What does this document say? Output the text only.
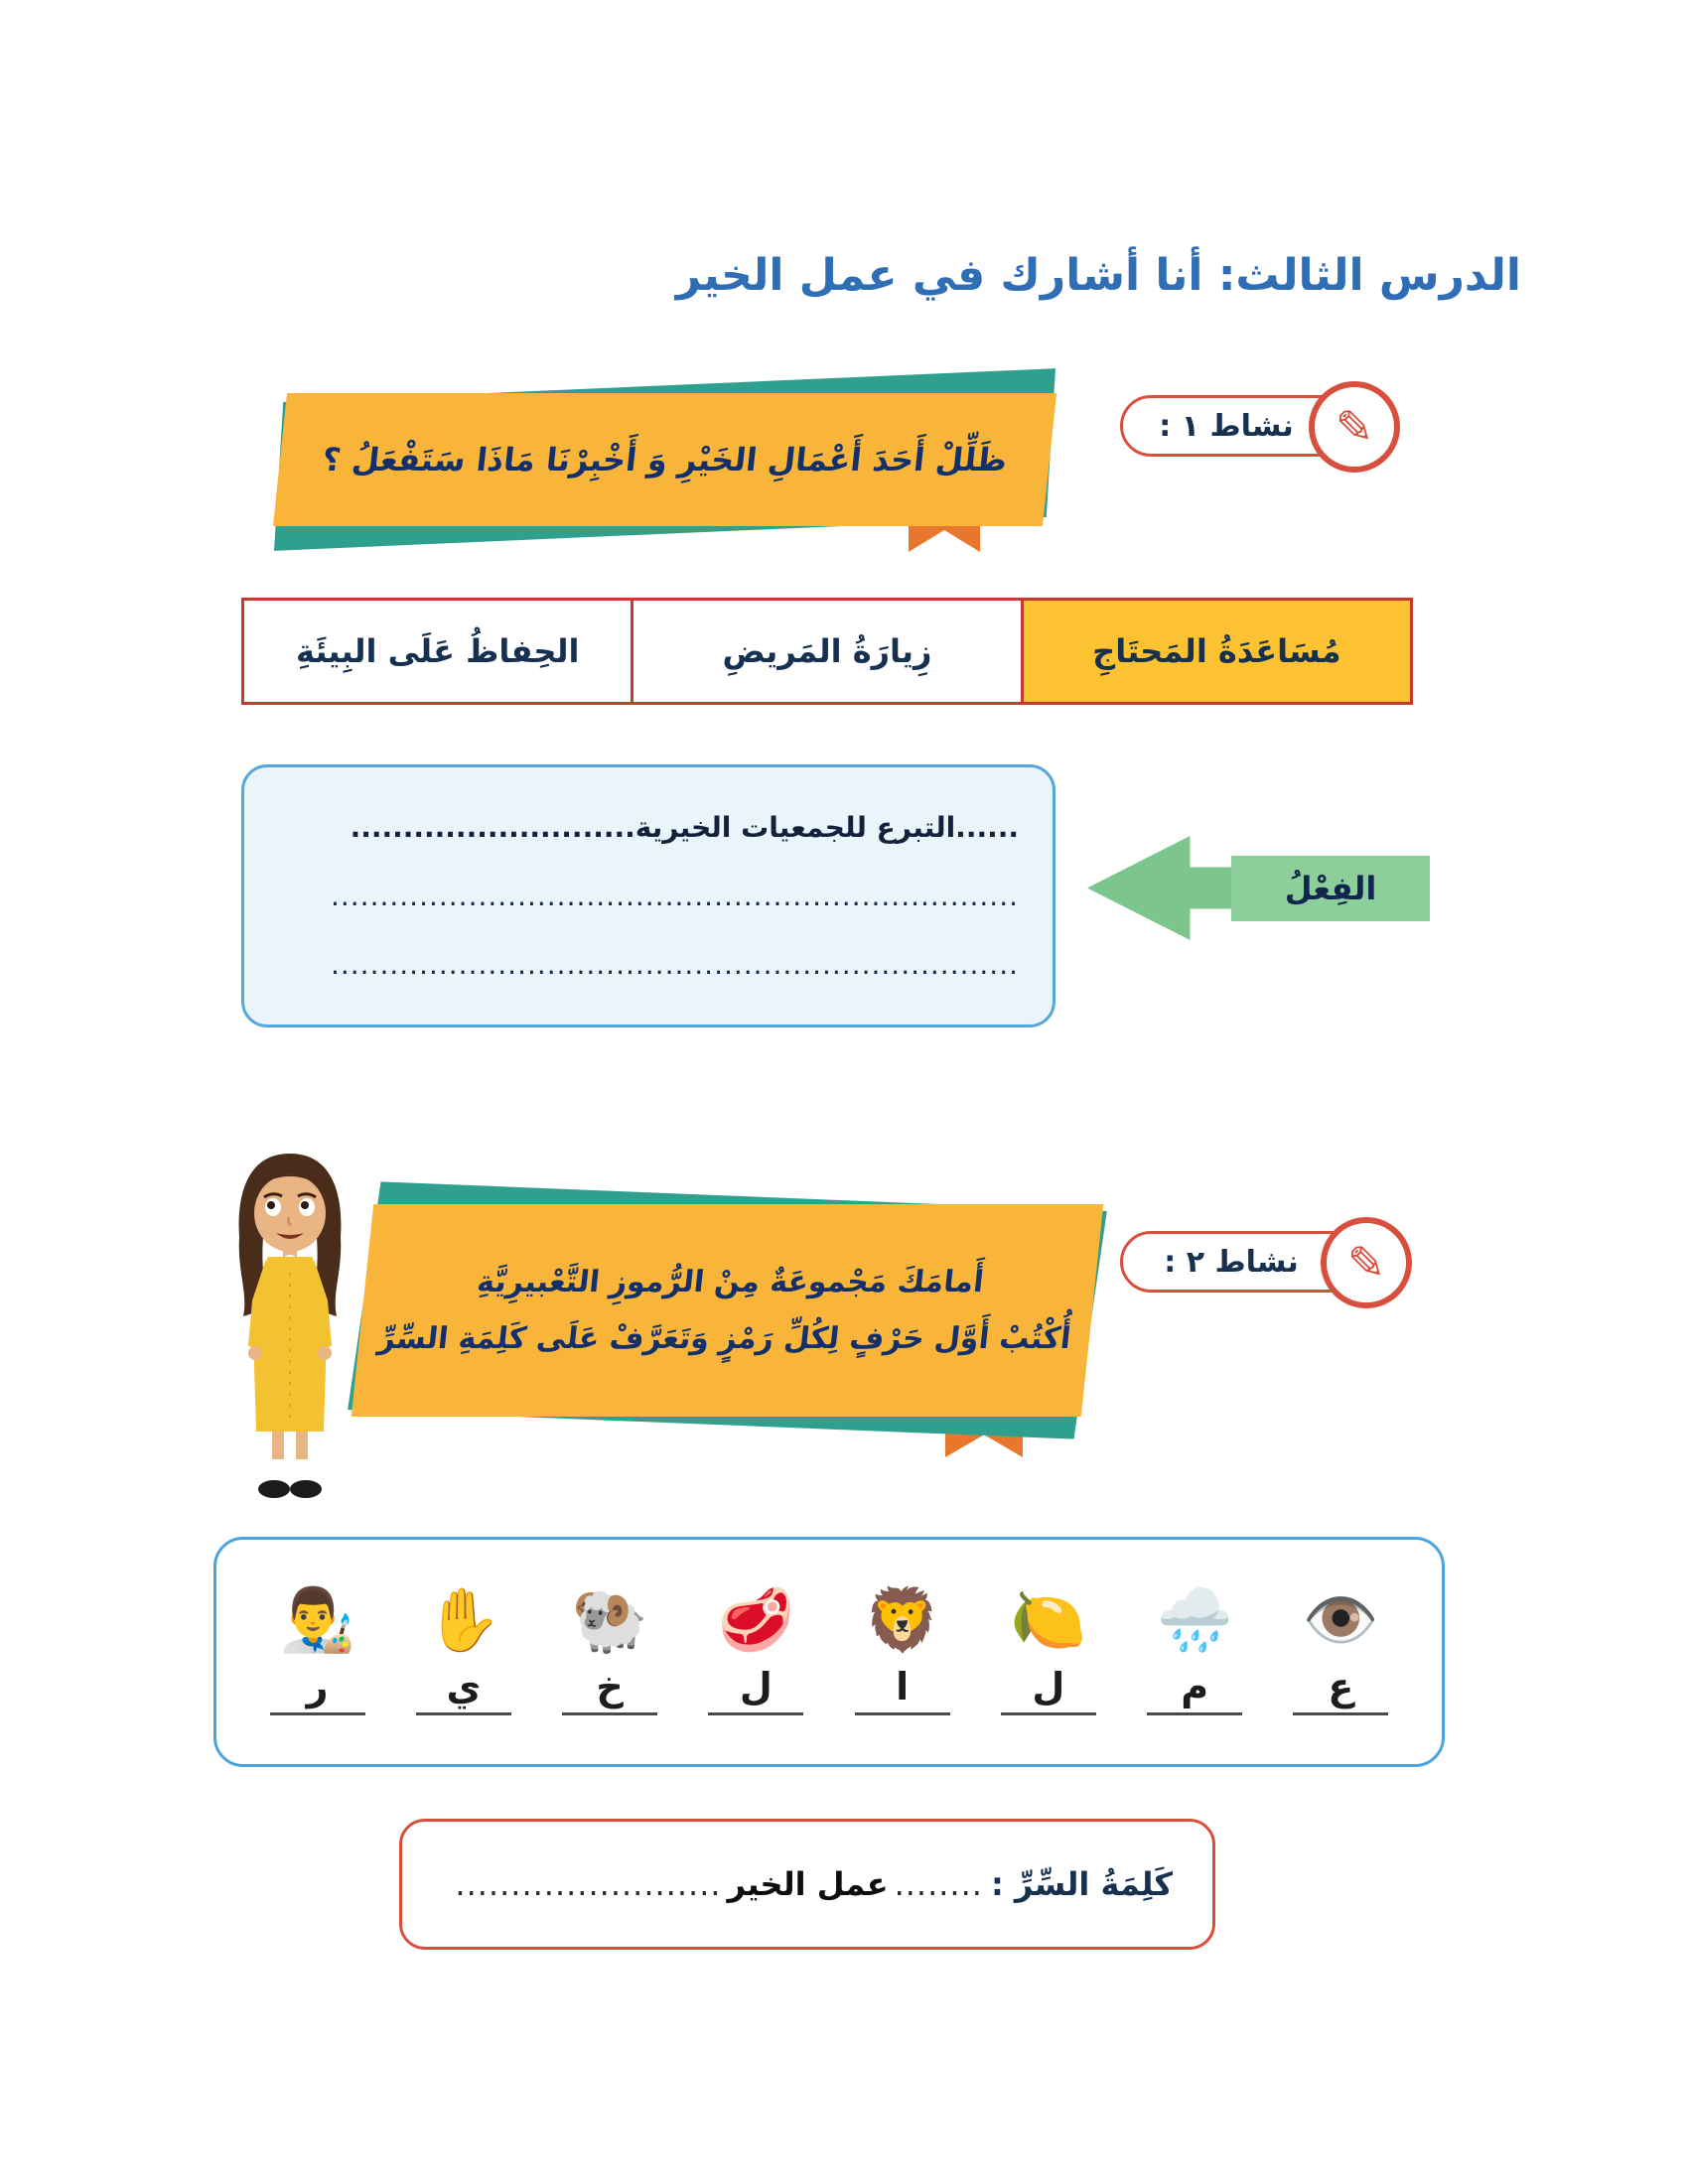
الدرس الثالث: أنا أشارك في عمل الخير
نشاط ١ : ✎
ظَلِّلْ أَحَدَ أَعْمَالِ الخَيْرِ وَ أَخْبِرْنَا مَاذَا سَتَفْعَلُ ؟
مُسَاعَدَةُ المَحتَاجِ
زِيارَةُ المَريضِ
الحِفاظُ عَلَى البِيئَةِ
......التبرع للجمعيات الخيرية...........................
......................................................................
......................................................................
الفِعْلُ
نشاط ٢ : ✎
أَمامَكَ مَجْموعَةٌ مِنْ الرُّموزِ التَّعْبيرِيَّةِ
أُكْتُبْ أَوَّل حَرْفٍ لِكُلِّ رَمْزٍ وَتَعَرَّفْ عَلَى كَلِمَةِ السِّرِّ
👁️
ع
🌧️
م
🍋
ل
🦁
ا
🥩
ل
🐏
خ
✋
ي
👨‍🎨
ر
كَلِمَةُ السِّرِّ :
........
عمل الخير
........................
